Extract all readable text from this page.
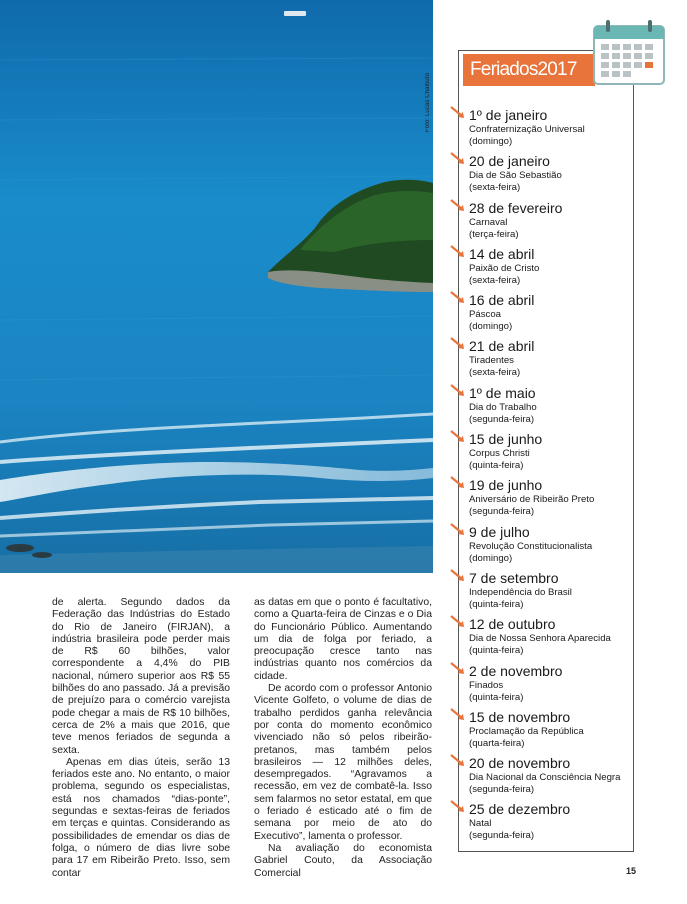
Foto: Lucas Chalbuto

de alerta. Segundo dados da Federação das Indústrias do Estado do Rio de Janeiro (FIRJAN), a indústria brasileira pode perder mais de R$ 60 bilhões, valor correspondente a 4,4% do PIB nacional, número superior aos R$ 55 bilhões do ano passado. Já a previsão de prejuízo para o comércio varejista pode chegar a mais de R$ 10 bilhões, cerca de 2% a mais que 2016, que teve menos feriados de segunda a sexta.

Apenas em dias úteis, serão 13 feriados este ano. No entanto, o maior problema, segundo os especialistas, está nos chamados “dias-ponte”, segundas e sextas-feiras de feriados em terças e quintas. Considerando as possibilidades de emendar os dias de folga, o número de dias livre sobe para 17 em Ribeirão Preto. Isso, sem contar

as datas em que o ponto é facultativo, como a Quarta-feira de Cinzas e o Dia do Funcionário Público. Aumentando um dia de folga por feriado, a preocupação cresce tanto nas indústrias quanto nos comércios da cidade.

De acordo com o professor Antonio Vicente Golfeto, o volume de dias de trabalho perdidos ganha relevância por conta do momento econômico vivenciado não só pelos ribeirão-pretanos, mas também pelos brasileiros — 12 milhões deles, desempregados. “Agravamos a recessão, em vez de combatê-la. Isso sem falarmos no setor estatal, em que o feriado é esticado até o fim de semana por meio de ato do Executivo”, lamenta o professor.

Na avaliação do economista Gabriel Couto, da Associação Comercial

Feriados2017
1º de janeiro
Confraternização Universal
(domingo)
20 de janeiro
Dia de São Sebastião
(sexta-feira)
28 de fevereiro
Carnaval
(terça-feira)
14 de abril
Paixão de Cristo
(sexta-feira)
16 de abril
Páscoa
(domingo)
21 de abril
Tiradentes
(sexta-feira)
1º de maio
Dia do Trabalho
(segunda-feira)
15 de junho
Corpus Christi
(quinta-feira)
19 de junho
Aniversário de Ribeirão Preto
(segunda-feira)
9 de julho
Revolução Constitucionalista
(domingo)
7 de setembro
Independência do Brasil
(quinta-feira)
12 de outubro
Dia de Nossa Senhora Aparecida
(quinta-feira)
2 de novembro
Finados
(quinta-feira)
15 de novembro
Proclamação da República
(quarta-feira)
20 de novembro
Dia Nacional da Consciência Negra
(segunda-feira)
25 de dezembro
Natal
(segunda-feira)
15
